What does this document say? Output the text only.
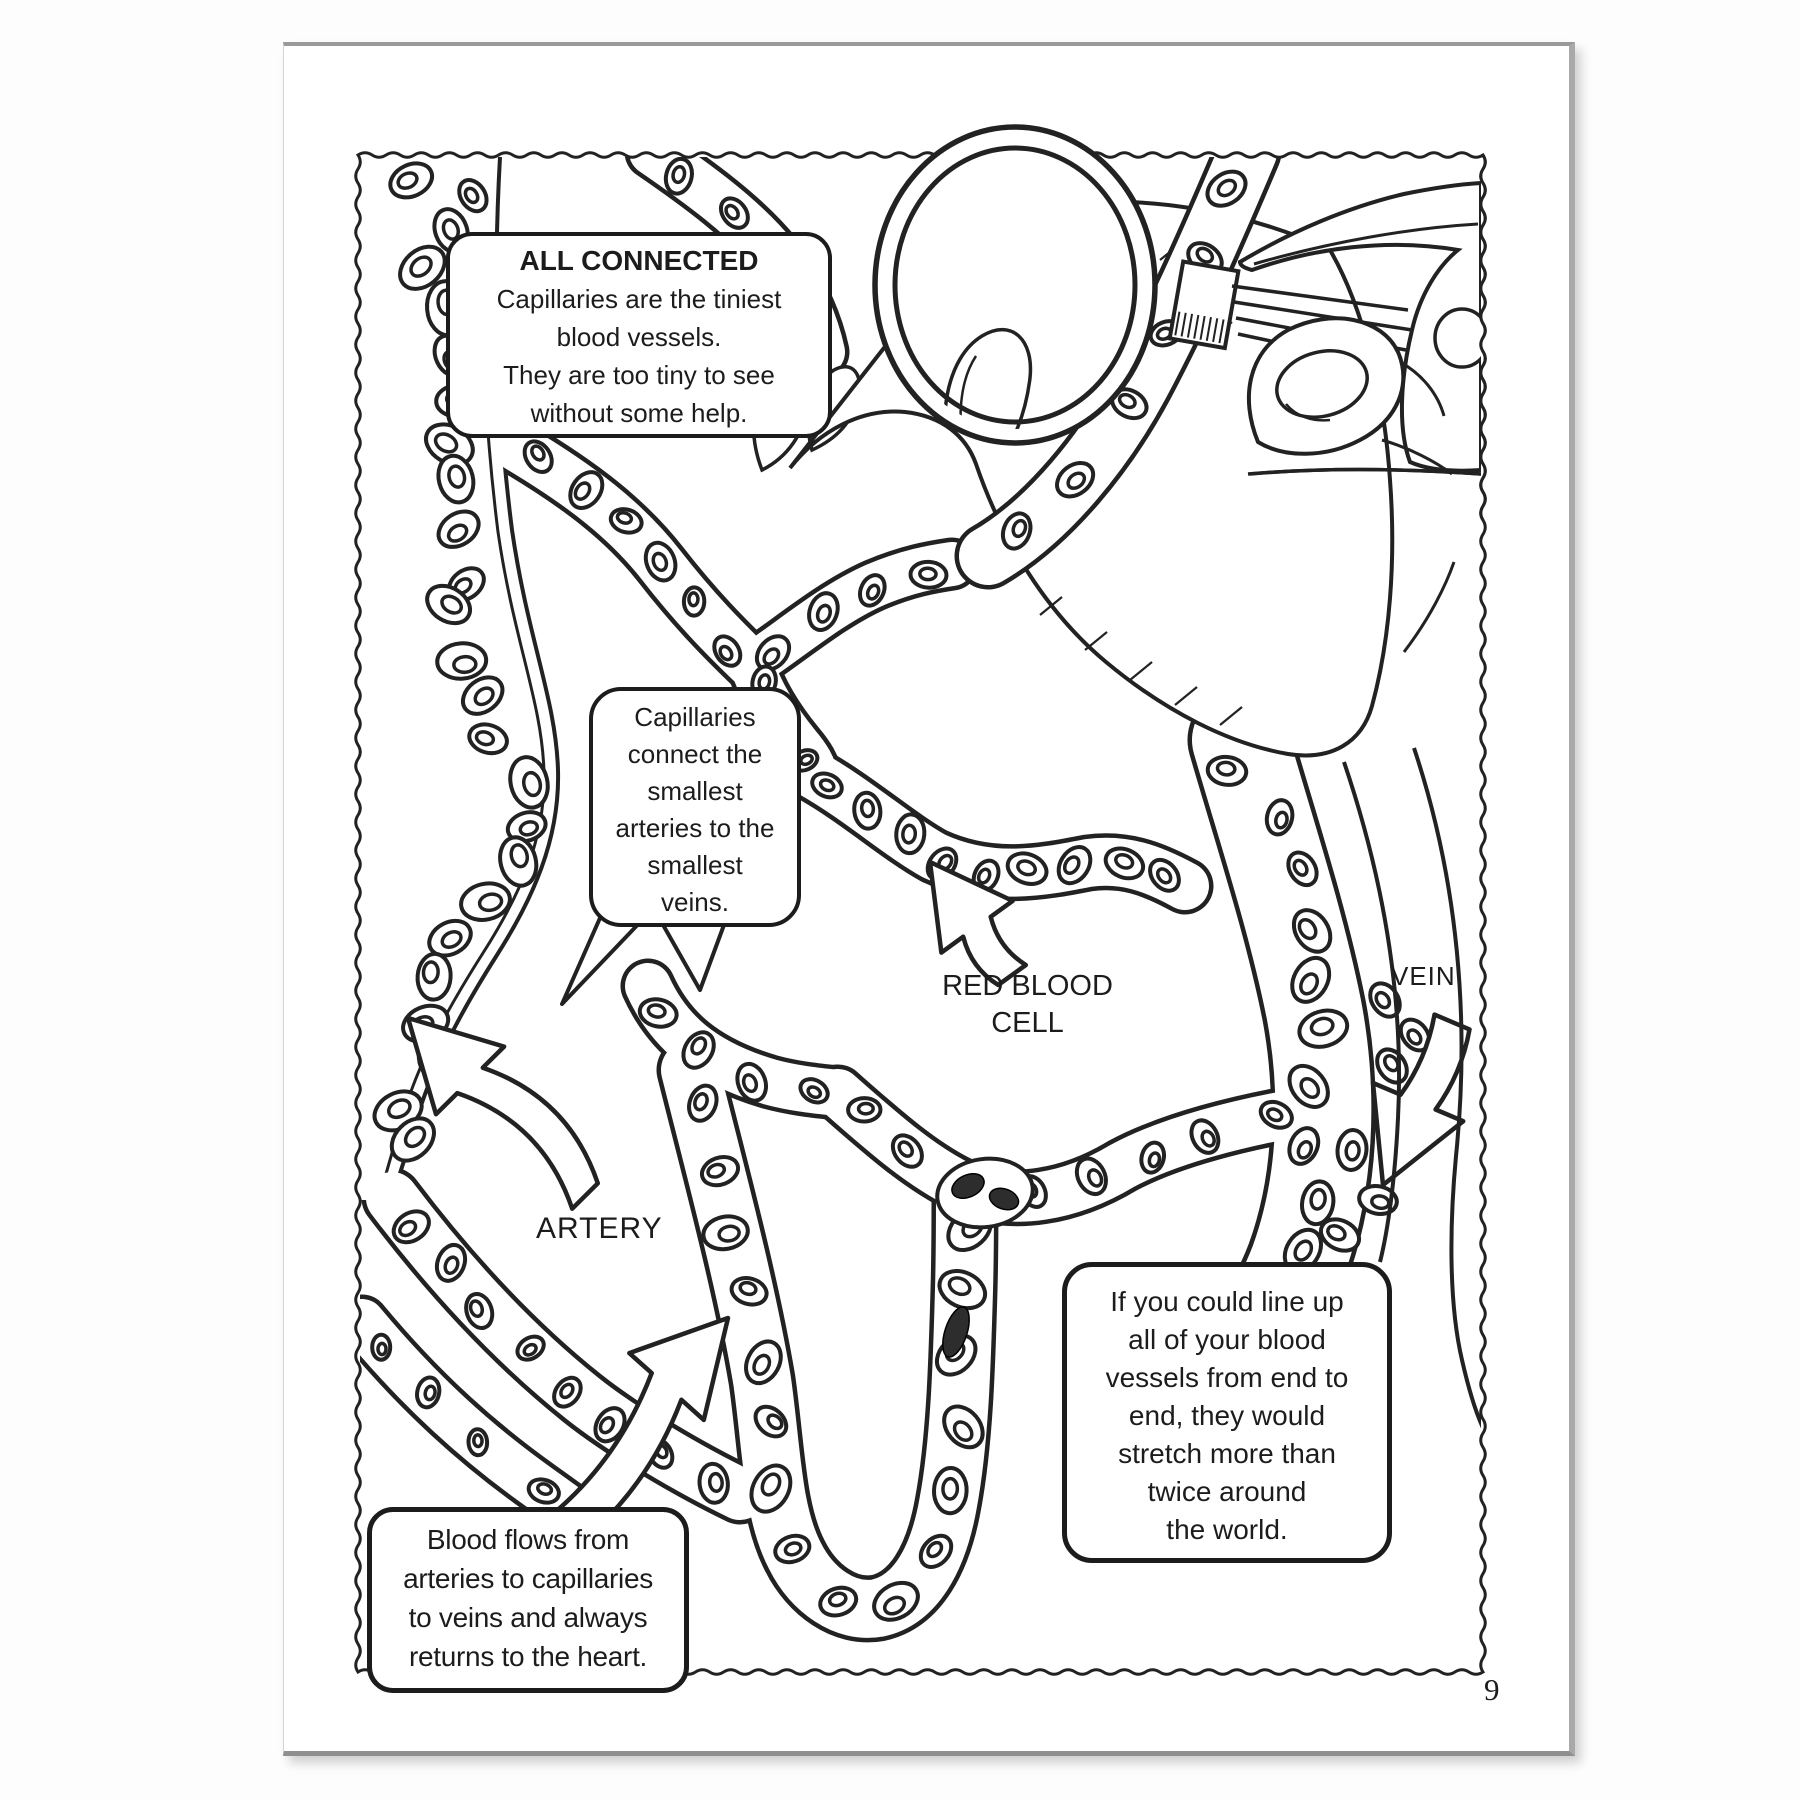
ALL CONNECTED
Capillaries are the tiniest
blood vessels.
They are too tiny to see
without some help.
Capillaries
connect the
smallest
arteries to the
smallest
veins.
RED BLOOD CELL
VEIN
ARTERY
Blood flows from
arteries to capillaries
to veins and always
returns to the heart.
If you could line up
all of your blood
vessels from end to
end, they would
stretch more than
twice around
the world.
9
